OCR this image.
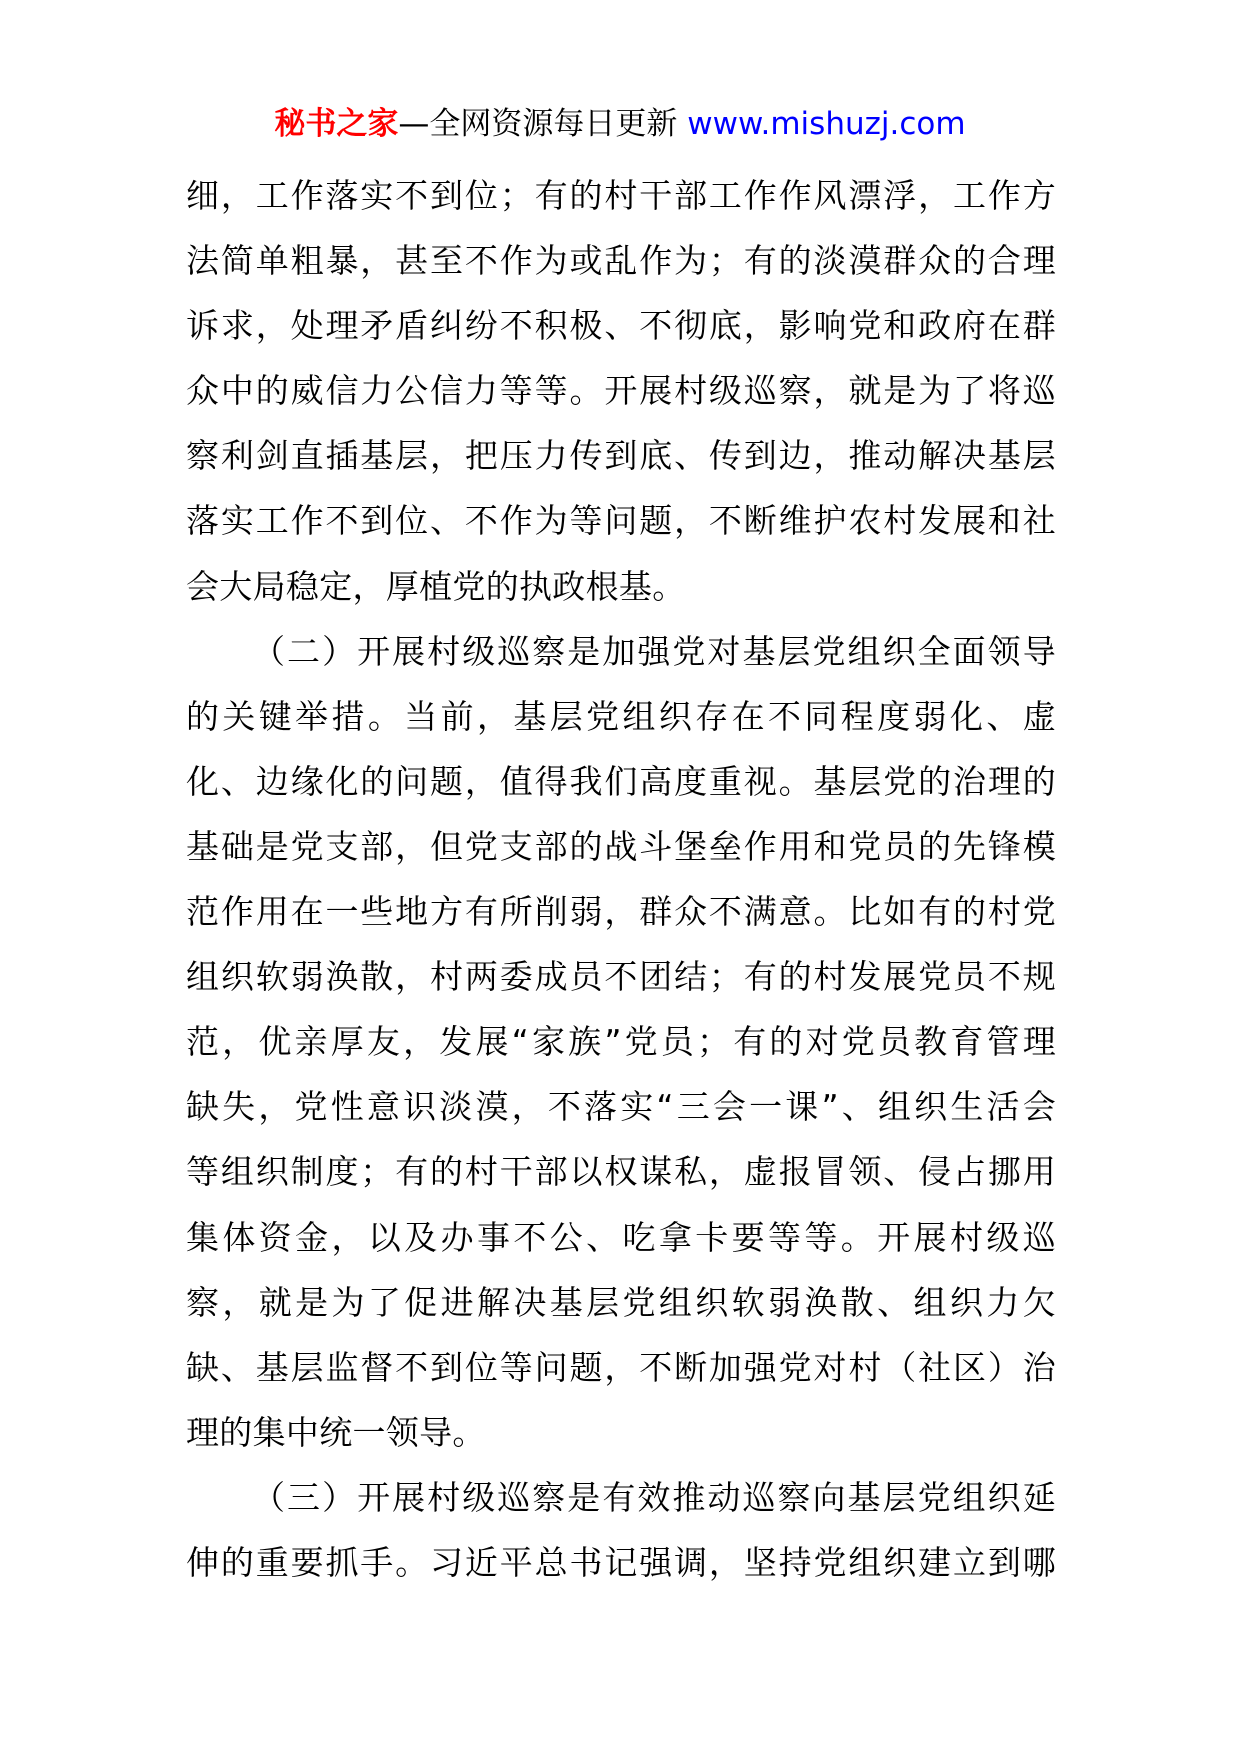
秘书之家—全网资源每日更新 www.mishuzj.com
细，工作落实不到位；有的村干部工作作风漂浮，工作方
法简单粗暴，甚至不作为或乱作为；有的淡漠群众的合理
诉求，处理矛盾纠纷不积极、不彻底，影响党和政府在群
众中的威信力公信力等等。开展村级巡察，就是为了将巡
察利剑直插基层，把压力传到底、传到边，推动解决基层
落实工作不到位、不作为等问题，不断维护农村发展和社
会大局稳定，厚植党的执政根基。
（二）开展村级巡察是加强党对基层党组织全面领导
的关键举措。当前，基层党组织存在不同程度弱化、虚
化、边缘化的问题，值得我们高度重视。基层党的治理的
基础是党支部，但党支部的战斗堡垒作用和党员的先锋模
范作用在一些地方有所削弱，群众不满意。比如有的村党
组织软弱涣散，村两委成员不团结；有的村发展党员不规
范，优亲厚友，发展“家族”党员；有的对党员教育管理
缺失，党性意识淡漠，不落实“三会一课”、组织生活会
等组织制度；有的村干部以权谋私，虚报冒领、侵占挪用
集体资金，以及办事不公、吃拿卡要等等。开展村级巡
察，就是为了促进解决基层党组织软弱涣散、组织力欠
缺、基层监督不到位等问题，不断加强党对村（社区）治
理的集中统一领导。
（三）开展村级巡察是有效推动巡察向基层党组织延
伸的重要抓手。习近平总书记强调，坚持党组织建立到哪
